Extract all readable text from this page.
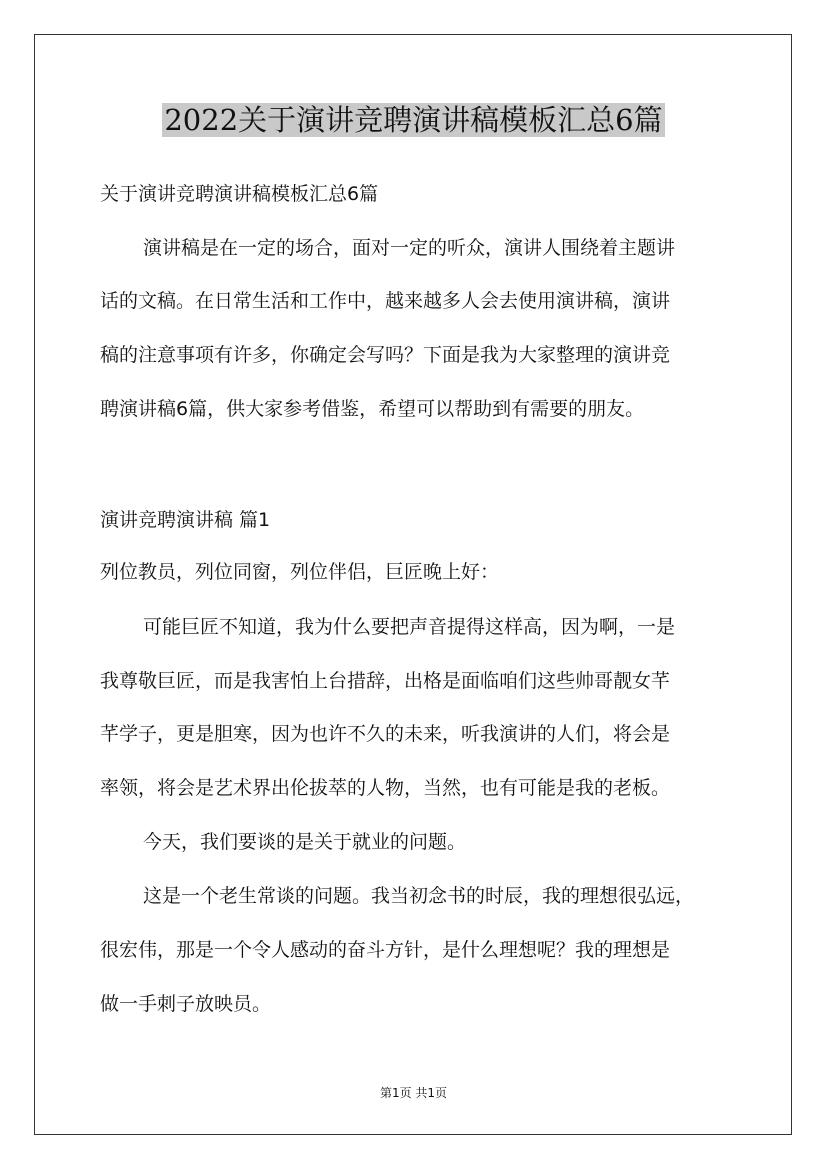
2022关于演讲竞聘演讲稿模板汇总6篇
关于演讲竞聘演讲稿模板汇总6篇
演讲稿是在一定的场合，面对一定的听众，演讲人围绕着主题讲
话的文稿。在日常生活和工作中，越来越多人会去使用演讲稿，演讲
稿的注意事项有许多，你确定会写吗？下面是我为大家整理的演讲竞
聘演讲稿6篇，供大家参考借鉴，希望可以帮助到有需要的朋友。
演讲竞聘演讲稿 篇1
列位教员，列位同窗，列位伴侣，巨匠晚上好：
可能巨匠不知道，我为什么要把声音提得这样高，因为啊，一是
我尊敬巨匠，而是我害怕上台措辞，出格是面临咱们这些帅哥靓女芊
芊学子，更是胆寒，因为也许不久的未来，听我演讲的人们，将会是
率领，将会是艺术界出伦拔萃的人物，当然，也有可能是我的老板。
今天，我们要谈的是关于就业的问题。
这是一个老生常谈的问题。我当初念书的时辰，我的理想很弘远，
很宏伟，那是一个令人感动的奋斗方针，是什么理想呢？我的理想是
做一手刺子放映员。
第1页 共1页
